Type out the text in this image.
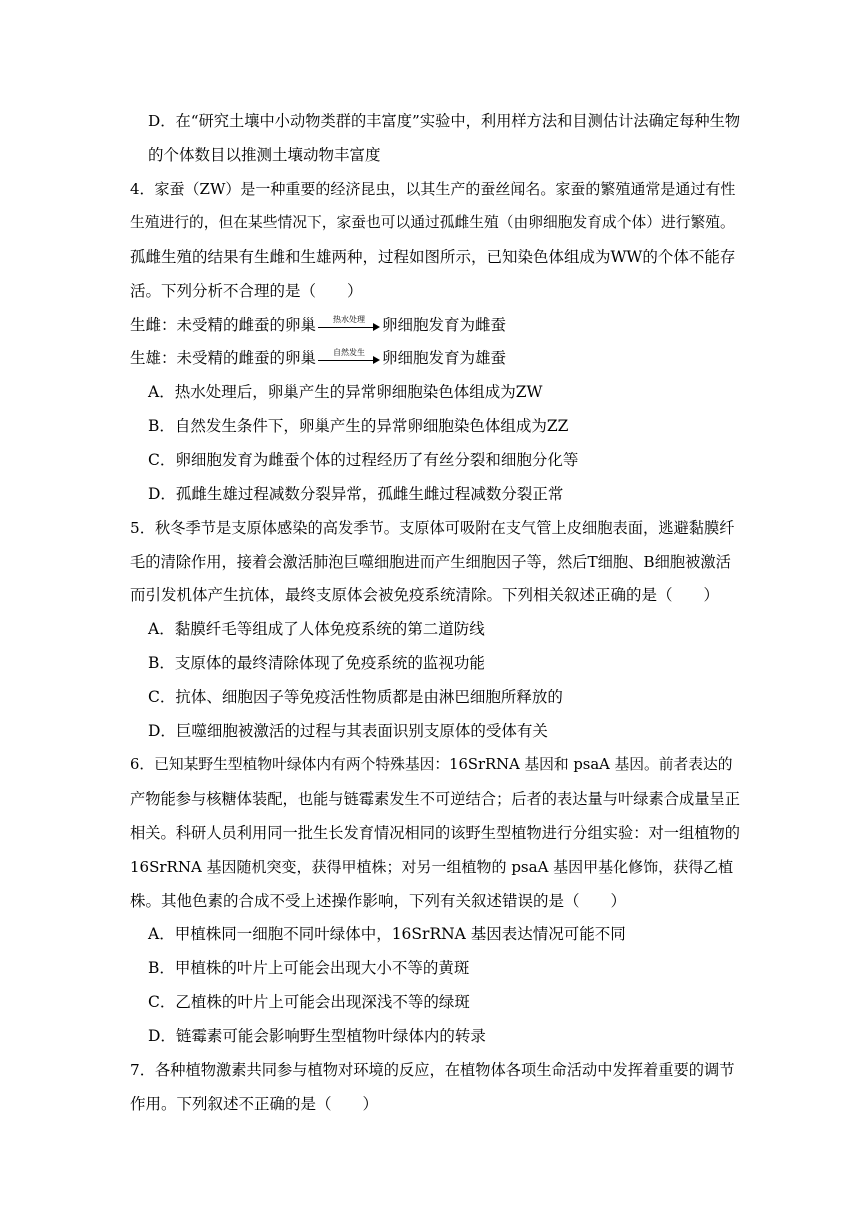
D．在“研究土壤中小动物类群的丰富度”实验中，利用样方法和目测估计法确定每种生物
的个体数目以推测土壤动物丰富度
4．家蚕（ZW）是一种重要的经济昆虫，以其生产的蚕丝闻名。家蚕的繁殖通常是通过有性
生殖进行的，但在某些情况下，家蚕也可以通过孤雌生殖（由卵细胞发育成个体）进行繁殖。
孤雌生殖的结果有生雌和生雄两种，过程如图所示，已知染色体组成为WW的个体不能存
活。下列分析不合理的是（　　）
生雌：未受精的雌蚕的卵巢	热水处理	卵细胞发育为雌蚕
生雄：未受精的雌蚕的卵巢	自然发生	卵细胞发育为雄蚕
A．热水处理后，卵巢产生的异常卵细胞染色体组成为ZW
B．自然发生条件下，卵巢产生的异常卵细胞染色体组成为ZZ
C．卵细胞发育为雌蚕个体的过程经历了有丝分裂和细胞分化等
D．孤雌生雄过程减数分裂异常，孤雌生雌过程减数分裂正常
5．秋冬季节是支原体感染的高发季节。支原体可吸附在支气管上皮细胞表面，逃避黏膜纤
毛的清除作用，接着会激活肺泡巨噬细胞进而产生细胞因子等，然后T细胞、B细胞被激活
而引发机体产生抗体，最终支原体会被免疫系统清除。下列相关叙述正确的是（　　）
A．黏膜纤毛等组成了人体免疫系统的第二道防线
B．支原体的最终清除体现了免疫系统的监视功能
C．抗体、细胞因子等免疫活性物质都是由淋巴细胞所释放的
D．巨噬细胞被激活的过程与其表面识别支原体的受体有关
6．已知某野生型植物叶绿体内有两个特殊基因：16SrRNA 基因和 psaA 基因。前者表达的
产物能参与核糖体装配，也能与链霉素发生不可逆结合；后者的表达量与叶绿素合成量呈正
相关。科研人员利用同一批生长发育情况相同的该野生型植物进行分组实验：对一组植物的
16SrRNA 基因随机突变，获得甲植株；对另一组植物的 psaA 基因甲基化修饰，获得乙植
株。其他色素的合成不受上述操作影响，下列有关叙述错误的是（　　）
A．甲植株同一细胞不同叶绿体中，16SrRNA 基因表达情况可能不同
B．甲植株的叶片上可能会出现大小不等的黄斑
C．乙植株的叶片上可能会出现深浅不等的绿斑
D．链霉素可能会影响野生型植物叶绿体内的转录
7．各种植物激素共同参与植物对环境的反应，在植物体各项生命活动中发挥着重要的调节
作用。下列叙述不正确的是（　　）
